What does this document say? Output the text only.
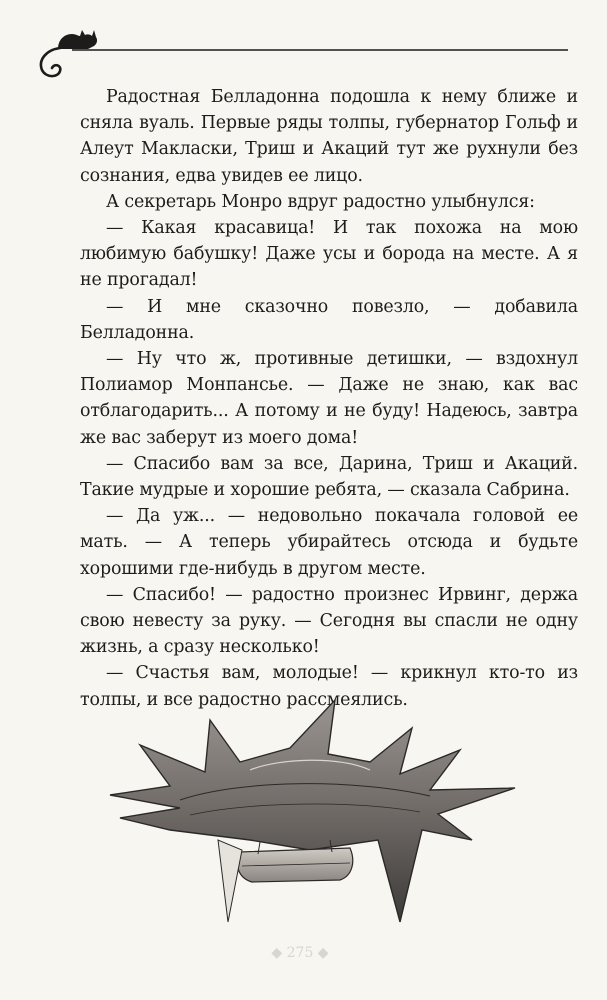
Радостная Белладонна подошла к нему ближе и сняла вуаль. Первые ряды толпы, губернатор Гольф и Алеут Макласки, Триш и Акаций тут же рухнули без сознания, едва увидев ее лицо.

А секретарь Монро вдруг радостно улыбнулся:

— Какая красавица! И так похожа на мою любимую бабушку! Даже усы и борода на месте. А я не прогадал!

— И мне сказочно повезло, — добавила Белладонна.

— Ну что ж, противные детишки, — вздохнул Полиамор Монпансье. — Даже не знаю, как вас отблагодарить... А потому и не буду! Надеюсь, завтра же вас заберут из моего дома!

— Спасибо вам за все, Дарина, Триш и Акаций. Такие мудрые и хорошие ребята, — сказала Сабрина.

— Да уж... — недовольно покачала головой ее мать. — А теперь убирайтесь отсюда и будьте хорошими где-нибудь в другом месте.

— Спасибо! — радостно произнес Ирвинг, держа свою невесту за руку. — Сегодня вы спасли не одну жизнь, а сразу несколько!

— Счастья вам, молодые! — крикнул кто-то из толпы, и все радостно рассмеялись.

◆ 275 ◆
